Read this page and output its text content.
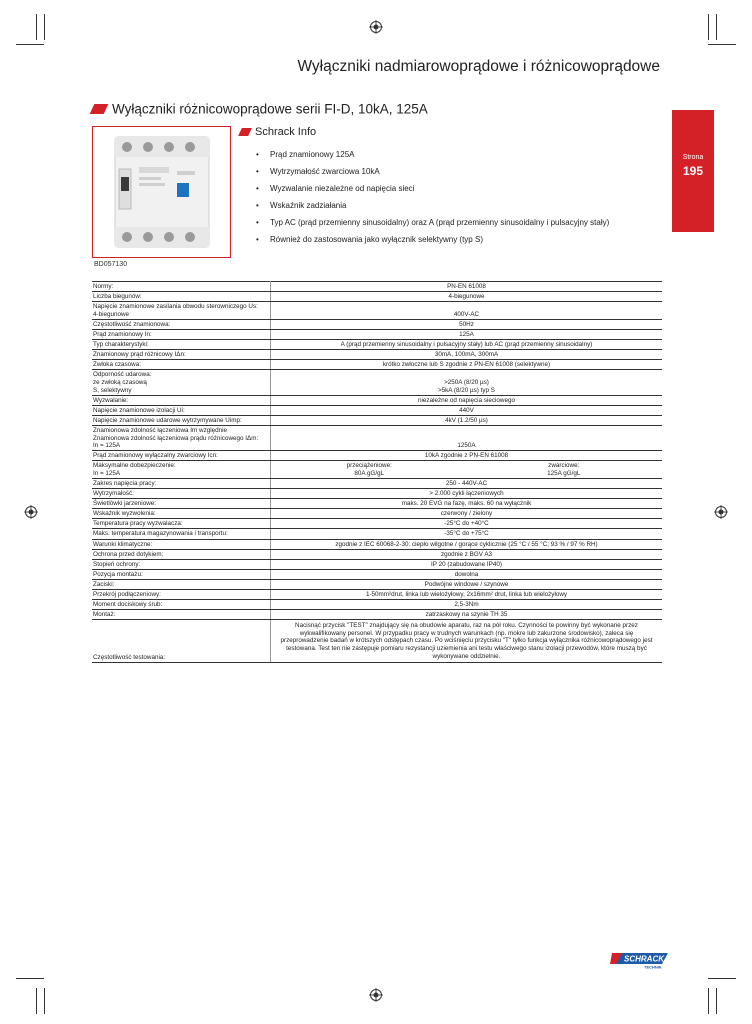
Wyłączniki nadmiarowoprądowe i różnicowoprądowe
Wyłączniki różnicowoprądowe serii FI-D, 10kA, 125A
Strona
195
BD057130
Schrack Info
• Prąd znamionowy 125A
• Wytrzymałość zwarciowa 10kA
• Wyzwalanie niezależne od napięcia sieci
• Wskaźnik zadziałania
• Typ AC (prąd przemienny sinusoidalny) oraz A (prąd przemienny sinusoidalny i pulsacyjny stały)
• Również do zastosowania jako wyłącznik selektywny (typ S)
Normy:	PN-EN 61008
Liczba biegunów:	4-biegunowe
Napięcie znamionowe zasilania obwodu sterowniczego Us:
4-biegunowe	400V-AC
Częstotliwość znamionowa:	50Hz
Prąd znamionowy In:	125A
Typ charakterystyki:	A (prąd przemienny sinusoidalny i pulsacyjny stały) lub AC (prąd przemienny sinusoidalny)
Znamionowy prąd różnicowy IΔn:	30mA, 100mA, 300mA
Zwłoka czasowa:	krótko zwłoczne lub S zgodnie z PN-EN 61008 (selektywne)
Odporność udarowa:
ze zwłoką czasową
S, selektywny	>250A (8/20 µs)
>5kA (8/20 µs) typ S
Wyzwalanie:	niezależne od napięcia sieciowego
Napięcie znamionowe izolacji Ui:	440V
Napięcie znamionowe udarowe wytrzymywane Uimp:	4kV (1.2/50 µs)
Znamionowa zdolność łączeniowa Im względnie
Znamionowa zdolność łączeniowa prądu różnicowego IΔm:
In = 125A	1250A
Prąd znamionowy wyłączalny zwarciowy Icn:	10kA zgodnie z PN-EN 61008
Maksymalne dobezpieczenie:
In = 125A	przeciążeniowe:
80A gG/gL
zwarciowe:
125A gG/gL

Zakres napięcia pracy:	250 - 440V-AC
Wytrzymałość:	> 2.000 cykli łączeniowych
Świetlówki jarzeniowe:	maks. 20 EVG na fazę, maks. 60 na wyłącznik
Wskaźnik wyzwolenia:	czerwony / zielony
Temperatura pracy wyzwalacza:	-25°C do +40°C
Maks. temperatura magazynowania i transportu:	-35°C do +75°C
Warunki klimatyczne:	zgodnie z IEC 60068-2-30: ciepło wilgotne / gorące cyklicznie (25 °C / 55 °C; 93 % / 97 % RH)
Ochrona przed dotykiem:	zgodnie z BGV A3
Stopień ochrony:	IP 20 (zabudowane IP40)
Pozycja montażu:	dowolna
Zaciski:	Podwójne windowe / szynowe
Przekrój podłączeniowy:	1-50mm²drut, linka lub wielożyłowy, 2x16mm² drut, linka lub wielożyłowy
Moment dociskowy śrub:	2,5-3Nm
Montaż:	zatrzaskowy na szynie TH 35
Częstotliwość testowania:	Nacisnąć przycisk "TEST" znajdujący się na obudowie aparatu, raz na pół roku. Czynności te powinny być wykonane przez wykwalifikowany personel. W przypadku pracy w trudnych warunkach (np. mokre lub zakurzone środowisko), zaleca się przeprowadzenie badań w krótszych odstępach czasu. Po wciśnięciu przycisku "T" tylko funkcja wyłącznika różnicowoprądowego jest testowana. Test ten nie zastępuje pomiaru rezystancji uziemienia ani testu właściwego stanu izolacji przewodów, które muszą być wykonywane oddzielnie.
SCHRACK
TECHNIK
